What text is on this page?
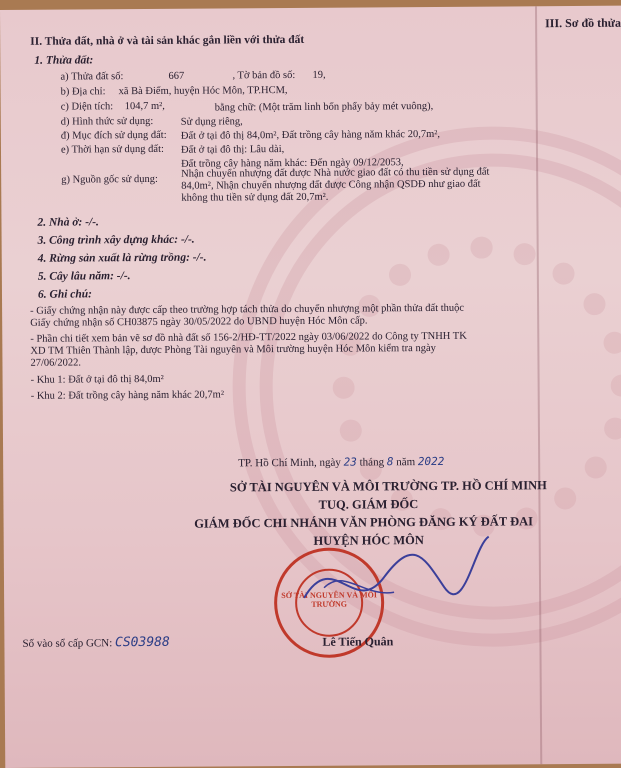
III. Sơ đồ thửa
II. Thửa đất, nhà ở và tài sản khác gắn liền với thửa đất
1. Thửa đất:
a) Thửa đất số:	667	, Tờ bản đồ số: 19,
b) Địa chỉ: xã Bà Điểm, huyện Hóc Môn, TP.HCM,
c) Diện tích: 104,7 m²,	bằng chữ: (Một trăm linh bốn phẩy bảy mét vuông),
d) Hình thức sử dụng:	Sử dụng riêng,
đ) Mục đích sử dụng đất: Đất ở tại đô thị 84,0m², Đất trồng cây hàng năm khác 20,7m²,
e) Thời hạn sử dụng đất: Đất ở tại đô thị: Lâu dài,
Đất trồng cây hàng năm khác: Đến ngày 09/12/2053,
g) Nguồn gốc sử dụng:
Nhận chuyển nhượng đất được Nhà nước giao đất có thu tiền sử dụng đất
84,0m², Nhận chuyển nhượng đất được Công nhận QSDĐ như giao đất
không thu tiền sử dụng đất 20,7m².
2. Nhà ở: -/-.
3. Công trình xây dựng khác: -/-.
4. Rừng sản xuất là rừng trồng: -/-.
5. Cây lâu năm: -/-.
6. Ghi chú:
- Giấy chứng nhận này được cấp theo trường hợp tách thửa do chuyển nhượng một phần thửa đất thuộc
Giấy chứng nhận số CH03875 ngày 30/05/2022 do UBND huyện Hóc Môn cấp.
- Phần chi tiết xem bản vẽ sơ đồ nhà đất số 156-2/HĐ-TT/2022 ngày 03/06/2022 do Công ty TNHH TK
XD TM Thiên Thành lập, được Phòng Tài nguyên và Môi trường huyện Hóc Môn kiểm tra ngày
27/06/2022.
- Khu 1: Đất ở tại đô thị 84,0m²
- Khu 2: Đất trồng cây hàng năm khác 20,7m²
TP. Hồ Chí Minh, ngày 23 tháng 8 năm 2022
SỞ TÀI NGUYÊN VÀ MÔI TRƯỜNG TP. HỒ CHÍ MINH
TUQ. GIÁM ĐỐC
GIÁM ĐỐC CHI NHÁNH VĂN PHÒNG ĐĂNG KÝ ĐẤT ĐAI
HUYỆN HÓC MÔN
SỞ TÀI NGUYÊN VÀ MÔI TRƯỜNG
Lê Tiến Quân
Số vào sổ cấp GCN: CS03988
